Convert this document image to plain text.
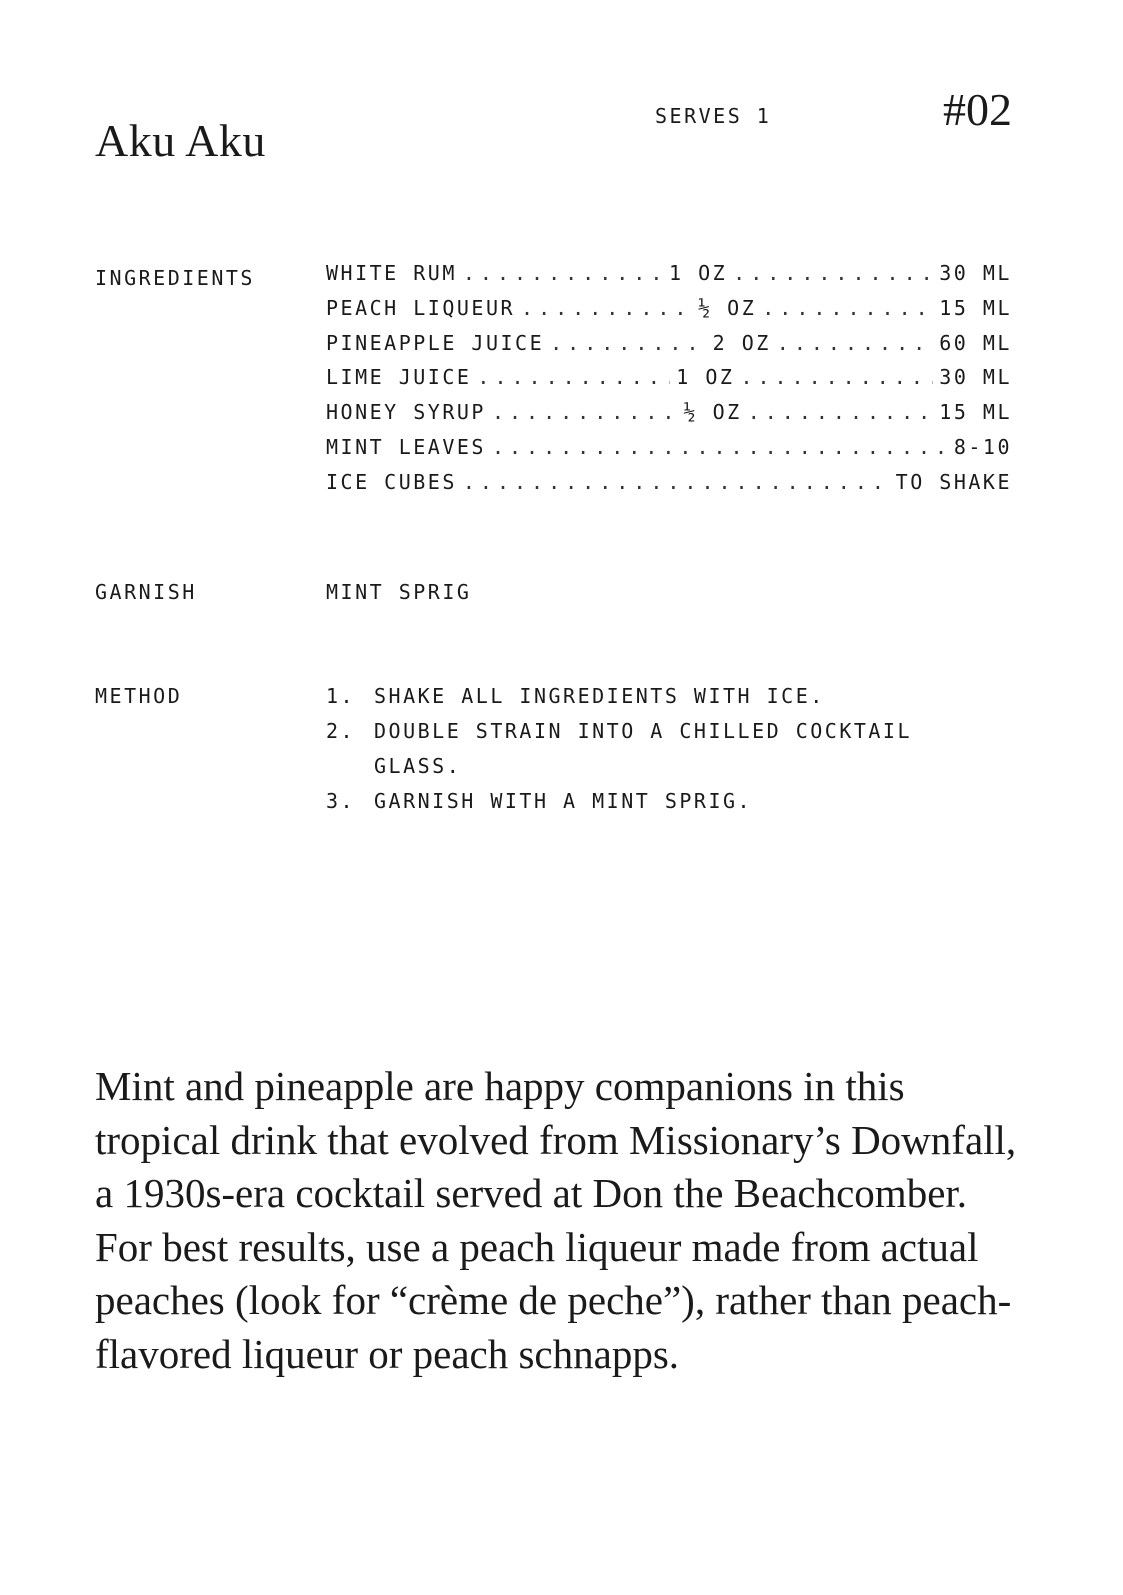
Aku Aku	SERVES 1	#02
INGREDIENTS	WHITE RUM .....	1 OZ .....	30 ML
PEACH LIQUEUR .....	½ OZ .....	15 ML
PINEAPPLE JUICE .....	2 OZ .....	60 ML
LIME JUICE .....	1 OZ .....	30 ML
HONEY SYRUP .....	½ OZ .....	15 ML
MINT LEAVES .....	8-10
ICE CUBES .....	TO SHAKE
GARNISH	MINT SPRIG
METHOD	1. SHAKE ALL INGREDIENTS WITH ICE.
2. DOUBLE STRAIN INTO A CHILLED COCKTAIL GLASS.
3. GARNISH WITH A MINT SPRIG.

Mint and pineapple are happy companions in this tropical drink that evolved from Missionary’s Downfall, a 1930s-era cocktail served at Don the Beachcomber. For best results, use a peach liqueur made from actual peaches (look for “crème de peche”), rather than peach-flavored liqueur or peach schnapps.
